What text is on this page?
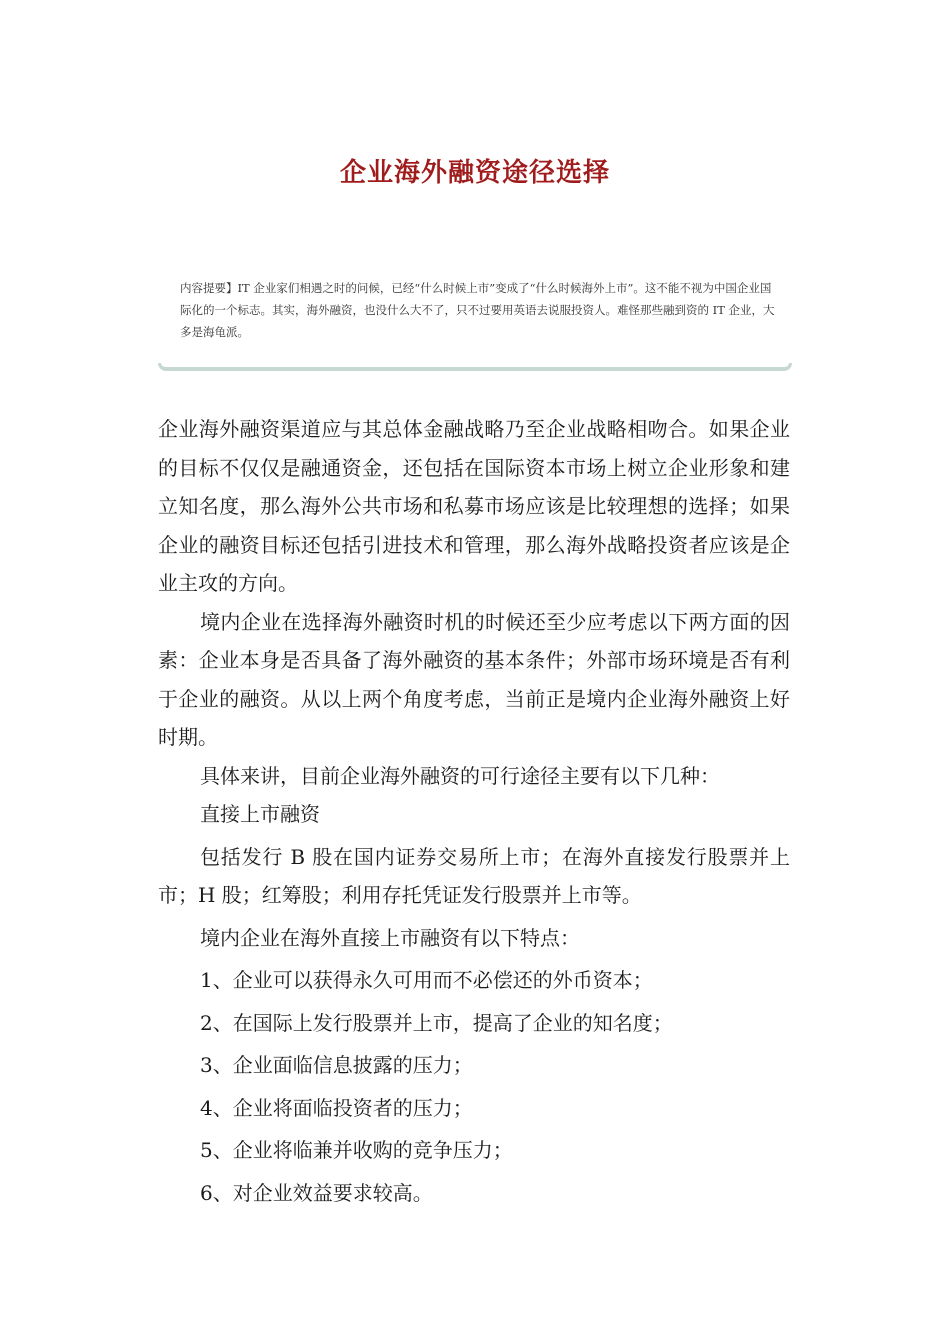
企业海外融资途径选择

内容提要】IT 企业家们相遇之时的问候，已经“什么时候上市”变成了“什么时候海外上市”。这不能不视为中国企业国际化的一个标志。其实，海外融资，也没什么大不了，只不过要用英语去说服投资人。难怪那些融到资的 IT 企业，大多是海龟派。

企业海外融资渠道应与其总体金融战略乃至企业战略相吻合。如果企业的目标不仅仅是融通资金，还包括在国际资本市场上树立企业形象和建立知名度，那么海外公共市场和私募市场应该是比较理想的选择；如果企业的融资目标还包括引进技术和管理，那么海外战略投资者应该是企业主攻的方向。

境内企业在选择海外融资时机的时候还至少应考虑以下两方面的因素：企业本身是否具备了海外融资的基本条件；外部市场环境是否有利于企业的融资。从以上两个角度考虑，当前正是境内企业海外融资上好时期。

具体来讲，目前企业海外融资的可行途径主要有以下几种：

直接上市融资

包括发行 B 股在国内证券交易所上市；在海外直接发行股票并上市；H 股；红筹股；利用存托凭证发行股票并上市等。

境内企业在海外直接上市融资有以下特点：

1、企业可以获得永久可用而不必偿还的外币资本；

2、在国际上发行股票并上市，提高了企业的知名度；

3、企业面临信息披露的压力；

4、企业将面临投资者的压力；

5、企业将临兼并收购的竞争压力；

6、对企业效益要求较高。
